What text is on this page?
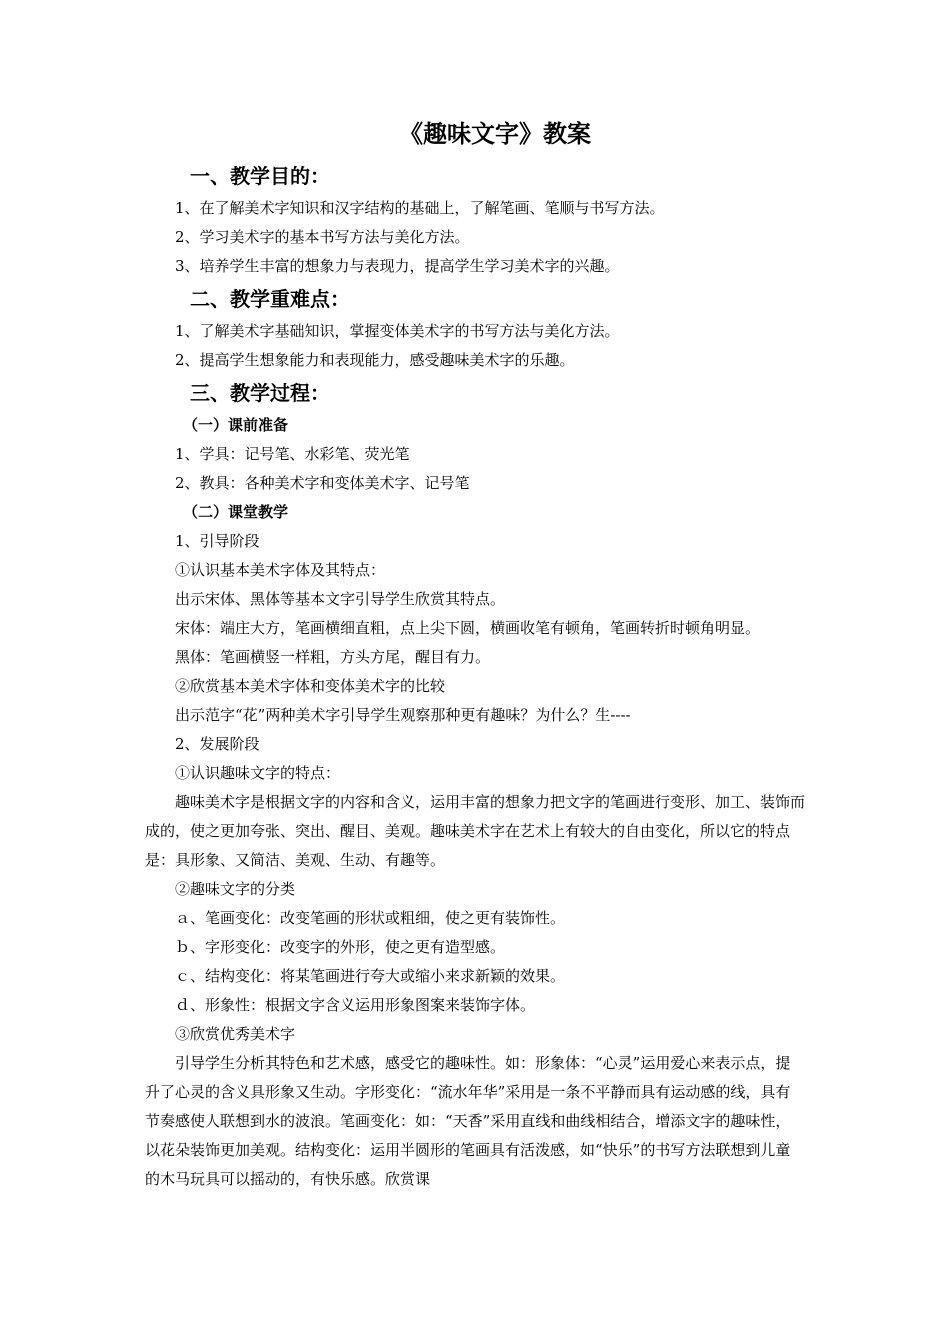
《趣味文字》教案
一、教学目的：

1、在了解美术字知识和汉字结构的基础上，了解笔画、笔顺与书写方法。

2、学习美术字的基本书写方法与美化方法。

3、培养学生丰富的想象力与表现力，提高学生学习美术字的兴趣。

二、教学重难点：

1、了解美术字基础知识，掌握变体美术字的书写方法与美化方法。

2、提高学生想象能力和表现能力，感受趣味美术字的乐趣。

三、教学过程：
（一）课前准备

1、学具：记号笔、水彩笔、荧光笔

2、教具：各种美术字和变体美术字、记号笔

（二）课堂教学

1、引导阶段

①认识基本美术字体及其特点：

出示宋体、黑体等基本文字引导学生欣赏其特点。

宋体：端庄大方，笔画横细直粗，点上尖下圆，横画收笔有顿角，笔画转折时顿角明显。

黑体：笔画横竖一样粗，方头方尾，醒目有力。

②欣赏基本美术字体和变体美术字的比较

出示范字“花”两种美术字引导学生观察那种更有趣味？为什么？生----

2、发展阶段

①认识趣味文字的特点：

趣味美术字是根据文字的内容和含义，运用丰富的想象力把文字的笔画进行变形、加工、装饰而成的，使之更加夸张、突出、醒目、美观。趣味美术字在艺术上有较大的自由变化，所以它的特点是：具形象、又简洁、美观、生动、有趣等。

②趣味文字的分类

ａ、笔画变化：改变笔画的形状或粗细，使之更有装饰性。

ｂ、字形变化：改变字的外形，使之更有造型感。

ｃ、结构变化：将某笔画进行夸大或缩小来求新颖的效果。

ｄ、形象性：根据文字含义运用形象图案来装饰字体。

③欣赏优秀美术字

引导学生分析其特色和艺术感，感受它的趣味性。如：形象体：“心灵”运用爱心来表示点，提升了心灵的含义具形象又生动。字形变化：“流水年华”采用是一条不平静而具有运动感的线，具有节奏感使人联想到水的波浪。笔画变化：如：“天香”采用直线和曲线相结合，增添文字的趣味性，以花朵装饰更加美观。结构变化：运用半圆形的笔画具有活泼感，如“快乐”的书写方法联想到儿童的木马玩具可以摇动的，有快乐感。欣赏课
